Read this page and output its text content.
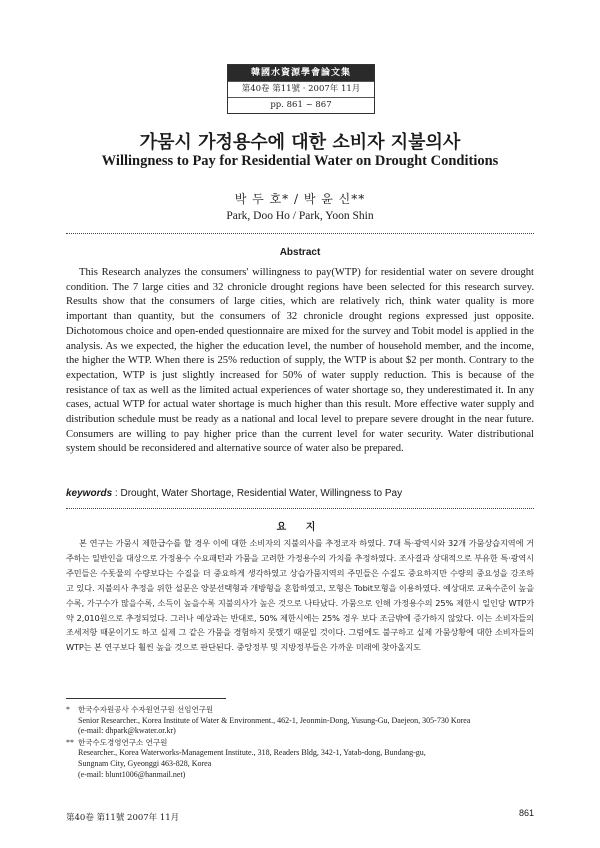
韓國水資源學會論文集
第40卷 第11號 · 2007年 11月
pp. 861 ~ 867
가뭄시 가정용수에 대한 소비자 지불의사
Willingness to Pay for Residential Water on Drought Conditions
박 두 호* / 박 윤 신**
Park, Doo Ho / Park, Yoon Shin
Abstract

This Research analyzes the consumers' willingness to pay(WTP) for residential water on severe drought condition. The 7 large cities and 32 chronicle drought regions have been selected for this research survey. Results show that the consumers of large cities, which are relatively rich, think water quality is more important than quantity, but the consumers of 32 chronicle drought regions expressed just opposite. Dichotomous choice and open-ended questionnaire are mixed for the survey and Tobit model is applied in the analysis. As we expected, the higher the education level, the number of household member, and the income, the higher the WTP. When there is 25% reduction of supply, the WTP is about $2 per month. Contrary to the expectation, WTP is just slightly increased for 50% of water supply reduction. This is because of the resistance of tax as well as the limited actual experiences of water shortage so, they underestimated it. In any cases, actual WTP for actual water shortage is much higher than this result. More effective water supply and distribution schedule must be ready as a national and local level to prepare severe drought in the near future. Consumers are willing to pay higher price than the current level for water security. Water distributional system should be reconsidered and alternative source of water also be prepared.

keywords : Drought, Water Shortage, Residential Water, Willingness to Pay
요 지

본 연구는 가뭄시 제한급수를 할 경우 이에 대한 소비자의 지불의사를 추정코자 하였다. 7대 특·광역시와 32개 가뭄상습지역에 거주하는 일반인을 대상으로 가정용수 수요패턴과 가뭄을 고려한 가정용수의 가치를 추정하였다. 조사결과 상대적으로 부유한 특·광역시 주민들은 수돗물의 수량보다는 수질을 더 중요하게 생각하였고 상습가뭄지역의 주민들은 수질도 중요하지만 수량의 중요성을 강조하고 있다. 지불의사 추정을 위한 설문은 양분선택형과 개방형을 혼합하였고, 모형은 Tobit모형을 이용하였다. 예상대로 교육수준이 높을수록, 가구수가 많을수록, 소득이 높을수록 지불의사가 높은 것으로 나타났다. 가뭄으로 인해 가정용수의 25% 제한시 일인당 WTP가 약 2,010원으로 추정되었다. 그러나 예상과는 반대로, 50% 제한시에는 25% 경우 보다 조금밖에 증가하지 않았다. 이는 소비자들의 조세저항 때문이기도 하고 실제 그 같은 가뭄을 경험하지 못했기 때문일 것이다. 그럼에도 불구하고 실제 가뭄상황에 대한 소비자들의 WTP는 본 연구보다 훨씬 높을 것으로 판단된다. 중앙정부 및 지방정부들은 가까운 미래에 찾아올지도

* 한국수자원공사 수자원연구원 선임연구원
Senior Researcher., Korea Institute of Water & Environment., 462-1, Jeonmin-Dong, Yusung-Gu, Daejeon, 305-730 Korea
(e-mail: dhpark@kwater.or.kr)
** 한국수도경영연구소 연구원
Researcher., Korea Waterworks-Management Institute., 318, Readers Bldg, 342-1, Yatab-dong, Bundang-gu,
Sungnam City, Gyeonggi 463-828, Korea
(e-mail: blunt1006@hanmail.net)
第40卷 第11號 2007年 11月	861
